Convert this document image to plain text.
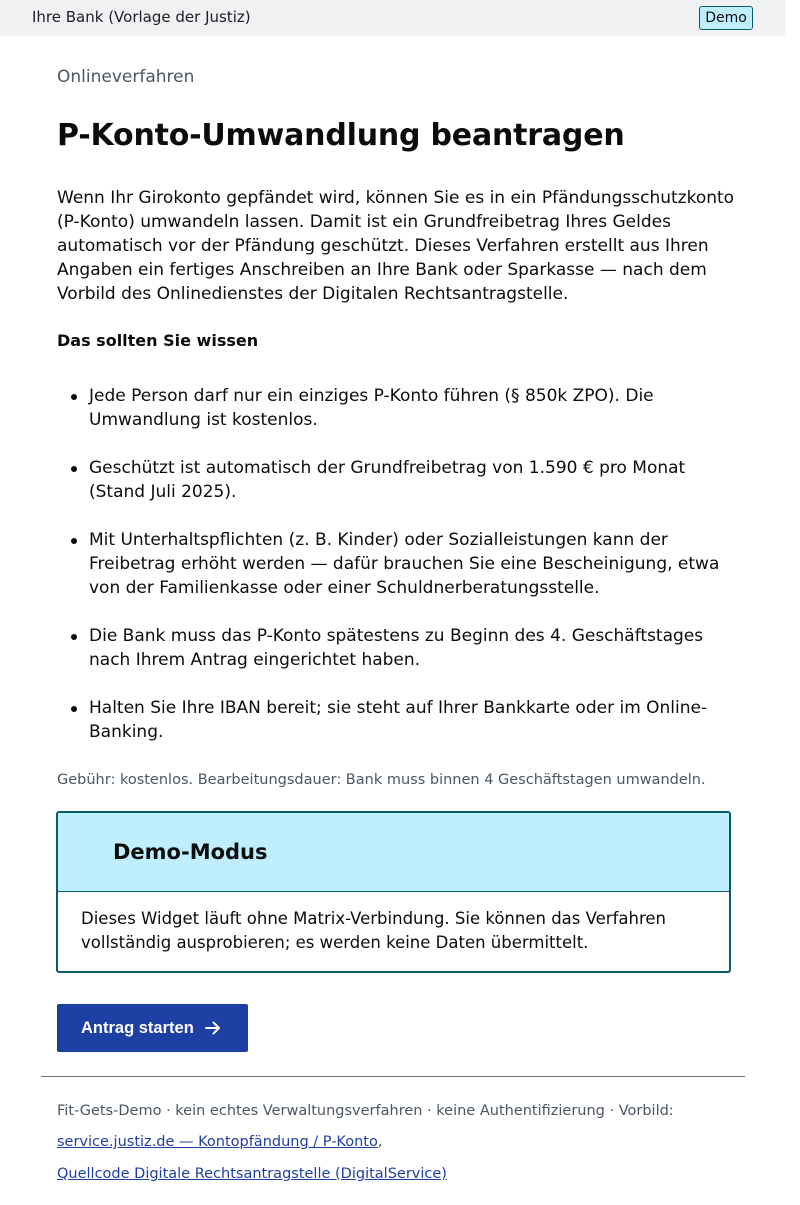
Ihre Bank (Vorlage der Justiz)	Demo
Onlineverfahren
P-Konto-Umwandlung beantragen

Wenn Ihr Girokonto gepfändet wird, können Sie es in ein Pfändungsschutzkonto (P-Konto) umwandeln lassen. Damit ist ein Grundfreibetrag Ihres Geldes automatisch vor der Pfändung geschützt. Dieses Verfahren erstellt aus Ihren Angaben ein fertiges Anschreiben an Ihre Bank oder Sparkasse — nach dem Vorbild des Onlinedienstes der Digitalen Rechtsantragstelle.

Das sollten Sie wissen
Jede Person darf nur ein einziges P-Konto führen (§ 850k ZPO). Die Umwandlung ist kostenlos.
Geschützt ist automatisch der Grundfreibetrag von 1.590 € pro Monat (Stand Juli 2025).
Mit Unterhaltspflichten (z. B. Kinder) oder Sozialleistungen kann der Freibetrag erhöht werden — dafür brauchen Sie eine Bescheinigung, etwa von der Familienkasse oder einer Schuldnerberatungsstelle.
Die Bank muss das P-Konto spätestens zu Beginn des 4. Geschäftstages nach Ihrem Antrag eingerichtet haben.
Halten Sie Ihre IBAN bereit; sie steht auf Ihrer Bankkarte oder im Online-Banking.
Gebühr: kostenlos. Bearbeitungsdauer: Bank muss binnen 4 Geschäftstagen umwandeln.
Demo-Modus

Dieses Widget läuft ohne Matrix-Verbindung. Sie können das Verfahren vollständig ausprobieren; es werden keine Daten übermittelt.

Antrag starten
Fit-Gets-Demo · kein echtes Verwaltungsverfahren · keine Authentifizierung · Vorbild:
service.justiz.de — Kontopfändung / P-Konto,
Quellcode Digitale Rechtsantragstelle (DigitalService)
